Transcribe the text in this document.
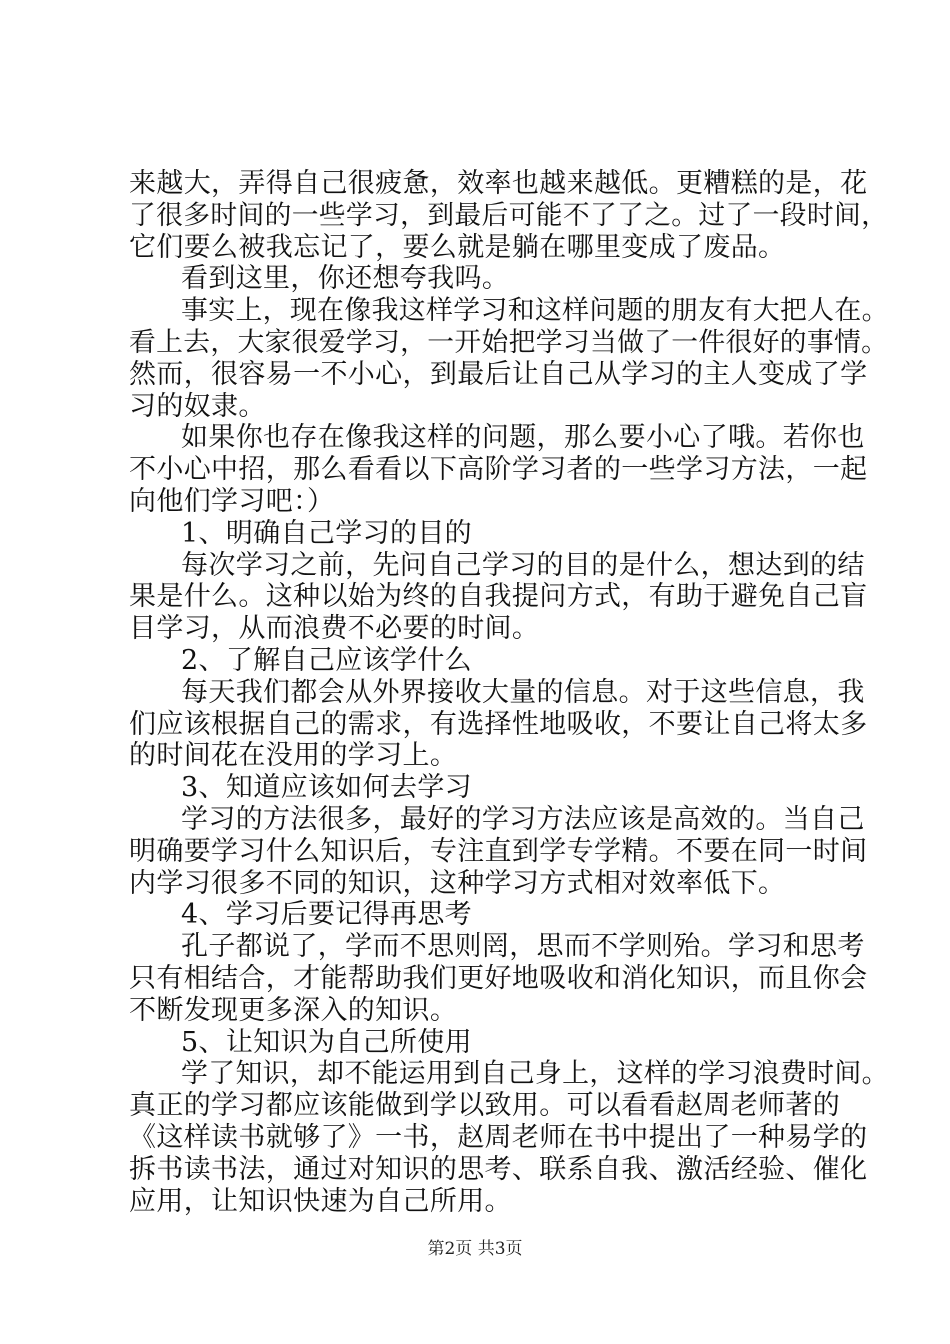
来越大，弄得自己很疲惫，效率也越来越低。更糟糕的是，花
了很多时间的一些学习，到最后可能不了了之。过了一段时间，
它们要么被我忘记了，要么就是躺在哪里变成了废品。
看到这里，你还想夸我吗。
事实上，现在像我这样学习和这样问题的朋友有大把人在。
看上去，大家很爱学习，一开始把学习当做了一件很好的事情。
然而，很容易一不小心，到最后让自己从学习的主人变成了学
习的奴隶。
如果你也存在像我这样的问题，那么要小心了哦。若你也
不小心中招，那么看看以下高阶学习者的一些学习方法，一起
向他们学习吧：）
1、明确自己学习的目的
每次学习之前，先问自己学习的目的是什么，想达到的结
果是什么。这种以始为终的自我提问方式，有助于避免自己盲
目学习，从而浪费不必要的时间。
2、了解自己应该学什么
每天我们都会从外界接收大量的信息。对于这些信息，我
们应该根据自己的需求，有选择性地吸收，不要让自己将太多
的时间花在没用的学习上。
3、知道应该如何去学习
学习的方法很多，最好的学习方法应该是高效的。当自己
明确要学习什么知识后，专注直到学专学精。不要在同一时间
内学习很多不同的知识，这种学习方式相对效率低下。
4、学习后要记得再思考
孔子都说了，学而不思则罔，思而不学则殆。学习和思考
只有相结合，才能帮助我们更好地吸收和消化知识，而且你会
不断发现更多深入的知识。
5、让知识为自己所使用
学了知识，却不能运用到自己身上，这样的学习浪费时间。
真正的学习都应该能做到学以致用。可以看看赵周老师著的
《这样读书就够了》一书，赵周老师在书中提出了一种易学的
拆书读书法，通过对知识的思考、联系自我、激活经验、催化
应用，让知识快速为自己所用。
第2页 共3页
